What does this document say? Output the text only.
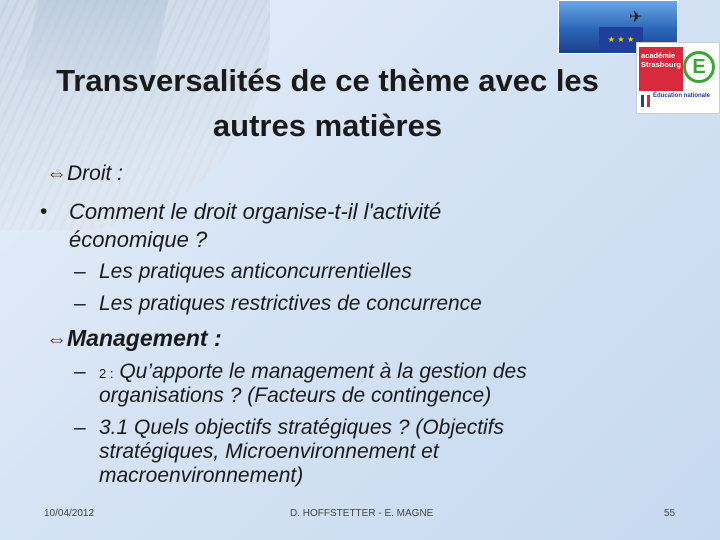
✈
★ ★ ★
académie Strasbourg E
Éducation nationale
Transversalités de ce thème avec les
autres matières
⇔Droit :
• Comment le droit organise-t-il l'activité
économique ?
– Les pratiques anticoncurrentielles
– Les pratiques restrictives de concurrence
⇔Management :
– 2 : Qu’apporte le management à la gestion des
organisations ? (Facteurs de contingence)
– 3.1 Quels objectifs stratégiques ? (Objectifs
stratégiques, Microenvironnement et
macroenvironnement)
10/04/2012	D. HOFFSTETTER - E. MAGNE	55
